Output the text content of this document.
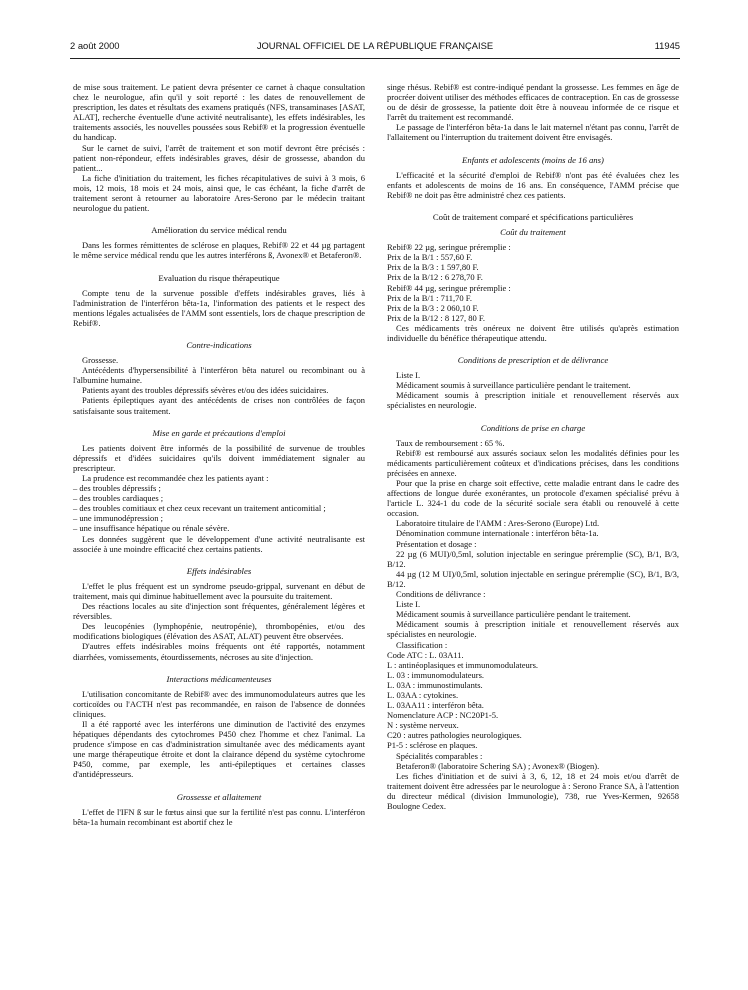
2 août 2000	JOURNAL OFFICIEL DE LA RÉPUBLIQUE FRANÇAISE	11945

de mise sous traitement. Le patient devra présenter ce carnet à chaque consultation chez le neurologue, afin qu'il y soit reporté : les dates de renouvellement de prescription, les dates et résultats des examens pratiqués (NFS, transaminases [ASAT, ALAT], recherche éventuelle d'une activité neutralisante), les effets indésirables, les traitements associés, les nouvelles poussées sous Rebif® et la progression éventuelle du handicap.

Sur le carnet de suivi, l'arrêt de traitement et son motif devront être précisés : patient non-répondeur, effets indésirables graves, désir de grossesse, abandon du patient...

La fiche d'initiation du traitement, les fiches récapitulatives de suivi à 3 mois, 6 mois, 12 mois, 18 mois et 24 mois, ainsi que, le cas échéant, la fiche d'arrêt de traitement seront à retourner au laboratoire Ares-Serono par le médecin traitant neurologue du patient.

Amélioration du service médical rendu

Dans les formes rémittentes de sclérose en plaques, Rebif® 22 et 44 µg partagent le même service médical rendu que les autres interférons ß, Avonex® et Betaferon®.

Evaluation du risque thérapeutique

Compte tenu de la survenue possible d'effets indésirables graves, liés à l'administration de l'interféron bêta-1a, l'information des patients et le respect des mentions légales actualisées de l'AMM sont essentiels, lors de chaque prescription de Rebif®.

Contre-indications

Grossesse.

Antécédents d'hypersensibilité à l'interféron bêta naturel ou recombinant ou à l'albumine humaine.

Patients ayant des troubles dépressifs sévères et/ou des idées suicidaires.

Patients épileptiques ayant des antécédents de crises non contrôlées de façon satisfaisante sous traitement.

Mise en garde et précautions d'emploi

Les patients doivent être informés de la possibilité de survenue de troubles dépressifs et d'idées suicidaires qu'ils doivent immédiatement signaler au prescripteur.

La prudence est recommandée chez les patients ayant :

– des troubles dépressifs ;

– des troubles cardiaques ;

– des troubles comitiaux et chez ceux recevant un traitement anticomitial ;

– une immunodépression ;

– une insuffisance hépatique ou rénale sévère.

Les données suggèrent que le développement d'une activité neutralisante est associée à une moindre efficacité chez certains patients.

Effets indésirables

L'effet le plus fréquent est un syndrome pseudo-grippal, survenant en début de traitement, mais qui diminue habituellement avec la poursuite du traitement.

Des réactions locales au site d'injection sont fréquentes, généralement légères et réversibles.

Des leucopénies (lymphopénie, neutropénie), thrombopénies, et/ou des modifications biologiques (élévation des ASAT, ALAT) peuvent être observées.

D'autres effets indésirables moins fréquents ont été rapportés, notamment diarrhées, vomissements, étourdissements, nécroses au site d'injection.

Interactions médicamenteuses

L'utilisation concomitante de Rebif® avec des immunomodulateurs autres que les corticoïdes ou l'ACTH n'est pas recommandée, en raison de l'absence de données cliniques.

Il a été rapporté avec les interférons une diminution de l'activité des enzymes hépatiques dépendants des cytochromes P450 chez l'homme et chez l'animal. La prudence s'impose en cas d'administration simultanée avec des médicaments ayant une marge thérapeutique étroite et dont la clairance dépend du système cytochrome P450, comme, par exemple, les anti-épileptiques et certaines classes d'antidépresseurs.

Grossesse et allaitement

L'effet de l'IFN ß sur le fœtus ainsi que sur la fertilité n'est pas connu. L'interféron bêta-1a humain recombinant est abortif chez le

singe rhésus. Rebif® est contre-indiqué pendant la grossesse. Les femmes en âge de procréer doivent utiliser des méthodes efficaces de contraception. En cas de grossesse ou de désir de grossesse, la patiente doit être à nouveau informée de ce risque et l'arrêt du traitement est recommandé.

Le passage de l'interféron bêta-1a dans le lait maternel n'étant pas connu, l'arrêt de l'allaitement ou l'interruption du traitement doivent être envisagés.

Enfants et adolescents (moins de 16 ans)

L'efficacité et la sécurité d'emploi de Rebif® n'ont pas été évaluées chez les enfants et adolescents de moins de 16 ans. En conséquence, l'AMM précise que Rebif® ne doit pas être administré chez ces patients.

Coût de traitement comparé et spécifications particulières
Coût du traitement

Rebif® 22 µg, seringue préremplie :

Prix de la B/1 : 557,60 F.

Prix de la B/3 : 1 597,80 F.

Prix de la B/12 : 6 278,70 F.

Rebif® 44 µg, seringue préremplie :

Prix de la B/1 : 711,70 F.

Prix de la B/3 : 2 060,10 F.

Prix de la B/12 : 8 127, 80 F.

Ces médicaments très onéreux ne doivent être utilisés qu'après estimation individuelle du bénéfice thérapeutique attendu.

Conditions de prescription et de délivrance

Liste I.

Médicament soumis à surveillance particulière pendant le traitement.

Médicament soumis à prescription initiale et renouvellement réservés aux spécialistes en neurologie.

Conditions de prise en charge

Taux de remboursement : 65 %.

Rebif® est remboursé aux assurés sociaux selon les modalités définies pour les médicaments particulièrement coûteux et d'indications précises, dans les conditions précisées en annexe.

Pour que la prise en charge soit effective, cette maladie entrant dans le cadre des affections de longue durée exonérantes, un protocole d'examen spécialisé prévu à l'article L. 324-1 du code de la sécurité sociale sera établi ou renouvelé à cette occasion.

Laboratoire titulaire de l'AMM : Ares-Serono (Europe) Ltd.

Dénomination commune internationale : interféron bêta-1a.

Présentation et dosage :

22 µg (6 MUI)/0,5ml, solution injectable en seringue préremplie (SC), B/1, B/3, B/12.

44 µg (12 M UI)/0,5ml, solution injectable en seringue préremplie (SC), B/1, B/3, B/12.

Conditions de délivrance :

Liste I.

Médicament soumis à surveillance particulière pendant le traitement.

Médicament soumis à prescription initiale et renouvellement réservés aux spécialistes en neurologie.

Classification :

Code ATC : L. 03A11.

L : antinéoplasiques et immunomodulateurs.

L. 03 : immunomodulateurs.

L. 03A : immunostimulants.

L. 03AA : cytokines.

L. 03AA11 : interféron bêta.

Nomenclature ACP : NC20P1-5.

N : système nerveux.

C20 : autres pathologies neurologiques.

P1-5 : sclérose en plaques.

Spécialités comparables :

Betaferon® (laboratoire Schering SA) ; Avonex® (Biogen).

Les fiches d'initiation et de suivi à 3, 6, 12, 18 et 24 mois et/ou d'arrêt de traitement doivent être adressées par le neurologue à : Serono France SA, à l'attention du directeur médical (division Immunologie), 738, rue Yves-Kermen, 92658 Boulogne Cedex.
